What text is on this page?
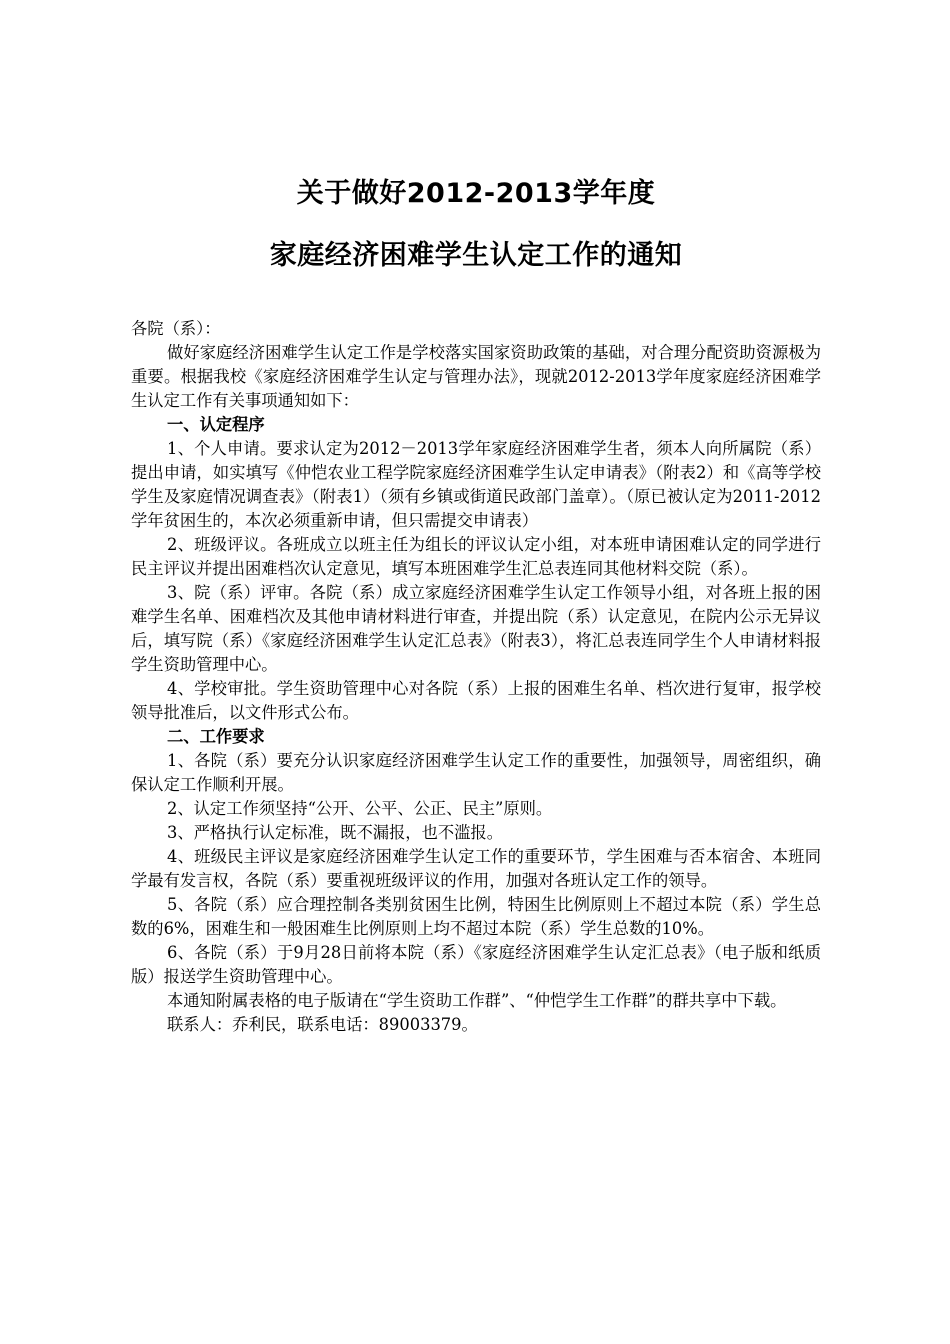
关于做好2012-2013学年度
家庭经济困难学生认定工作的通知

各院（系）：

做好家庭经济困难学生认定工作是学校落实国家资助政策的基础，对合理分配资助资源极为重要。根据我校《家庭经济困难学生认定与管理办法》，现就2012-2013学年度家庭经济困难学生认定工作有关事项通知如下：

一、认定程序

1、个人申请。要求认定为2012－2013学年家庭经济困难学生者，须本人向所属院（系）提出申请，如实填写《仲恺农业工程学院家庭经济困难学生认定申请表》（附表2）和《高等学校学生及家庭情况调查表》（附表1）（须有乡镇或街道民政部门盖章）。（原已被认定为2011-2012学年贫困生的，本次必须重新申请，但只需提交申请表）

2、班级评议。各班成立以班主任为组长的评议认定小组，对本班申请困难认定的同学进行民主评议并提出困难档次认定意见，填写本班困难学生汇总表连同其他材料交院（系）。

3、院（系）评审。各院（系）成立家庭经济困难学生认定工作领导小组，对各班上报的困难学生名单、困难档次及其他申请材料进行审查，并提出院（系）认定意见，在院内公示无异议后，填写院（系）《家庭经济困难学生认定汇总表》（附表3），将汇总表连同学生个人申请材料报学生资助管理中心。

4、学校审批。学生资助管理中心对各院（系）上报的困难生名单、档次进行复审，报学校领导批准后，以文件形式公布。

二、工作要求

1、各院（系）要充分认识家庭经济困难学生认定工作的重要性，加强领导，周密组织，确保认定工作顺利开展。

2、认定工作须坚持“公开、公平、公正、民主”原则。

3、严格执行认定标准，既不漏报，也不滥报。

4、班级民主评议是家庭经济困难学生认定工作的重要环节，学生困难与否本宿舍、本班同学最有发言权，各院（系）要重视班级评议的作用，加强对各班认定工作的领导。

5、各院（系）应合理控制各类别贫困生比例，特困生比例原则上不超过本院（系）学生总数的6%，困难生和一般困难生比例原则上均不超过本院（系）学生总数的10%。

6、各院（系）于9月28日前将本院（系）《家庭经济困难学生认定汇总表》（电子版和纸质版）报送学生资助管理中心。

本通知附属表格的电子版请在“学生资助工作群”、“仲恺学生工作群”的群共享中下载。

联系人：乔利民，联系电话：89003379。
